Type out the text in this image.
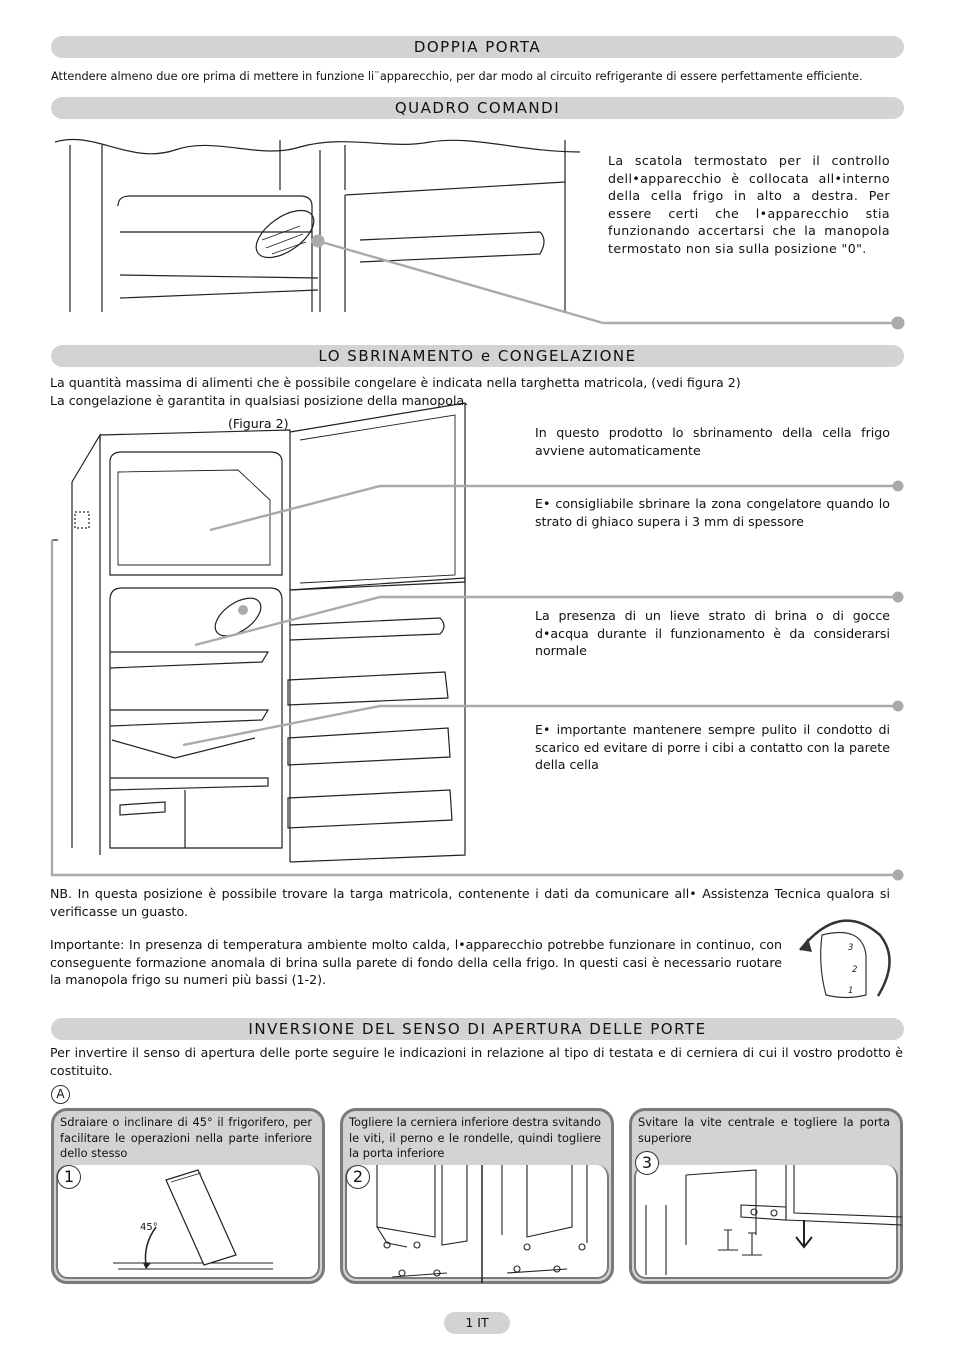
DOPPIA PORTA
Attendere almeno due ore prima di mettere in funzione li¨apparecchio, per dar modo al circuito refrigerante di essere perfettamente efficiente.
QUADRO COMANDI
3
2
1
La scatola termostato per il controllo dell•apparecchio è collocata all•interno della cella frigo in alto a destra. Per essere certi che l•apparecchio stia funzionando accertarsi che la manopola termostato non sia sulla posizione "0".
LO SBRINAMENTO e CONGELAZIONE
La quantità massima di alimenti che è possibile congelare è indicata nella targhetta matricola, (vedi figura 2)
La congelazione è garantita in qualsiasi posizione della manopola.
(Figura 2)
In questo prodotto lo sbrinamento della cella frigo avviene automaticamente
E• consigliabile sbrinare la zona congelatore quando lo strato di ghiaco supera i 3 mm di spessore
La presenza di un lieve strato di brina o di gocce d•acqua durante il funzionamento è da considerarsi normale
E• importante mantenere sempre pulito il condotto di scarico ed evitare di porre i cibi a contatto con la parete della cella
NB. In questa posizione è possibile trovare la targa matricola, contenente i dati da comunicare all• Assistenza Tecnica qualora si verificasse un guasto.
Importante: In presenza di temperatura ambiente molto calda, l•apparecchio potrebbe funzionare in continuo, con conseguente formazione anomala di brina sulla parete di fondo della cella frigo. In questi casi è necessario ruotare la manopola frigo su numeri più bassi (1-2).
INVERSIONE DEL SENSO DI APERTURA DELLE PORTE
Per invertire il senso di apertura delle porte seguire le indicazioni in relazione al tipo di testata e di cerniera di cui il vostro prodotto è costituito.
A
Sdraiare o inclinare di 45° il frigorifero, per facilitare le operazioni nella parte inferiore dello stesso
45°
1
Togliere la cerniera inferiore destra svitando le viti, il perno e le rondelle, quindi togliere la porta inferiore
2
Svitare la vite centrale e togliere la porta superiore
3
1 IT
